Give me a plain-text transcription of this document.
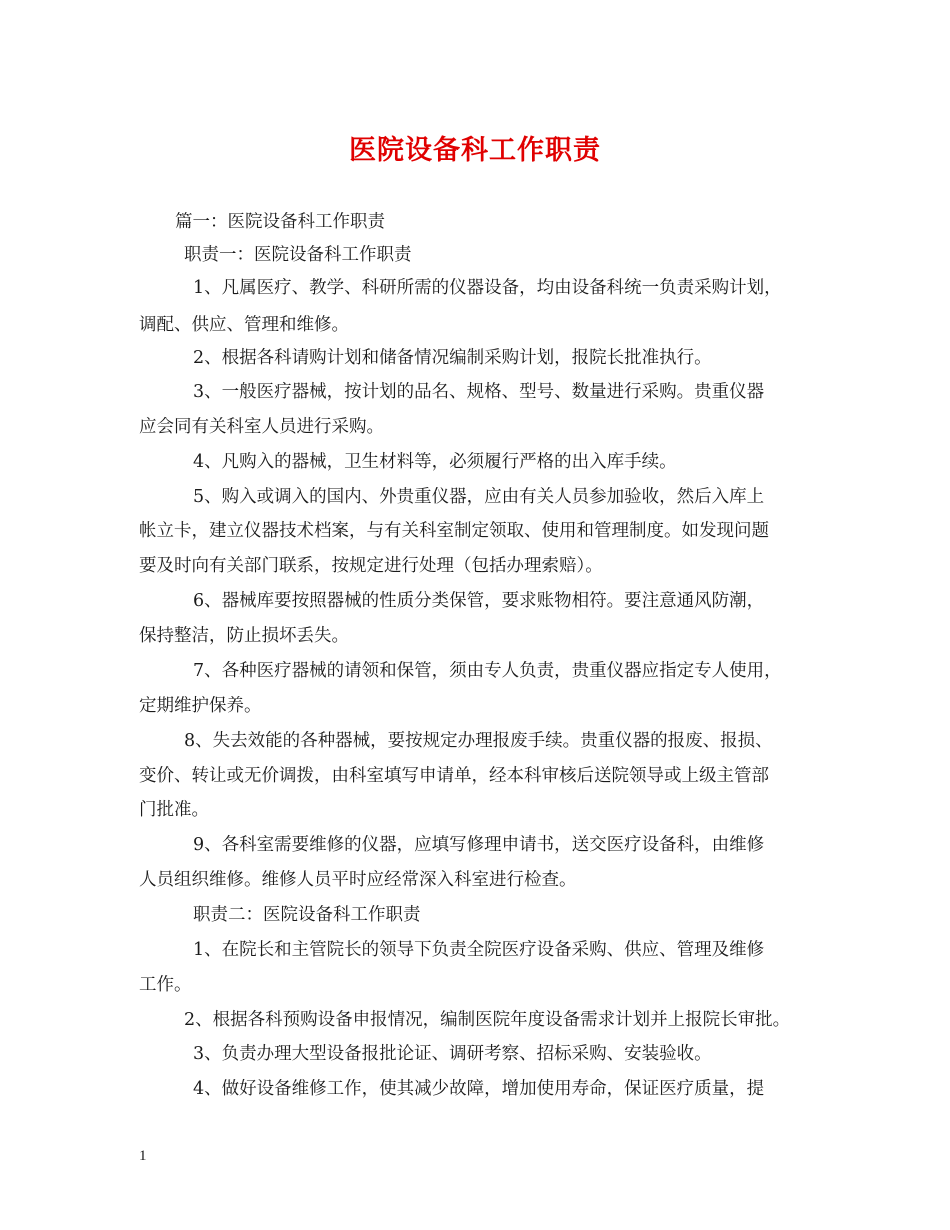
医院设备科工作职责
篇一：医院设备科工作职责
职责一：医院设备科工作职责
1、凡属医疗、教学、科研所需的仪器设备，均由设备科统一负责采购计划，
调配、供应、管理和维修。
2、根据各科请购计划和储备情况编制采购计划，报院长批准执行。
3、一般医疗器械，按计划的品名、规格、型号、数量进行采购。贵重仪器
应会同有关科室人员进行采购。
4、凡购入的器械，卫生材料等，必须履行严格的出入库手续。
5、购入或调入的国内、外贵重仪器，应由有关人员参加验收，然后入库上
帐立卡，建立仪器技术档案，与有关科室制定领取、使用和管理制度。如发现问题
要及时向有关部门联系，按规定进行处理（包括办理索赔）。
6、器械库要按照器械的性质分类保管，要求账物相符。要注意通风防潮，
保持整洁，防止损坏丢失。
7、各种医疗器械的请领和保管，须由专人负责，贵重仪器应指定专人使用，
定期维护保养。
8、失去效能的各种器械，要按规定办理报废手续。贵重仪器的报废、报损、
变价、转让或无价调拨，由科室填写申请单，经本科审核后送院领导或上级主管部
门批准。
9、各科室需要维修的仪器，应填写修理申请书，送交医疗设备科，由维修
人员组织维修。维修人员平时应经常深入科室进行检查。
职责二：医院设备科工作职责
1、在院长和主管院长的领导下负责全院医疗设备采购、供应、管理及维修
工作。
2、根据各科预购设备申报情况，编制医院年度设备需求计划并上报院长审批。
3、负责办理大型设备报批论证、调研考察、招标采购、安装验收。
4、做好设备维修工作，使其减少故障，增加使用寿命，保证医疗质量，提
1
